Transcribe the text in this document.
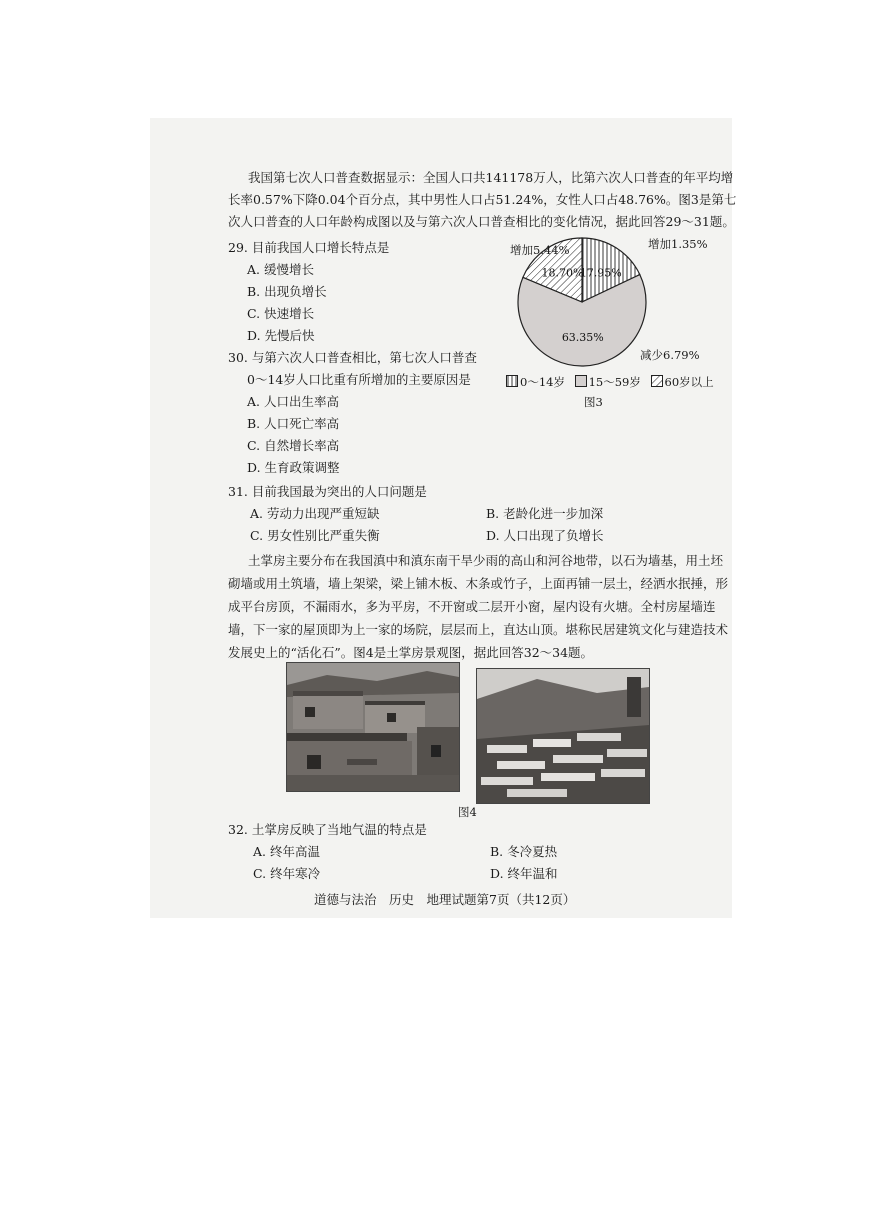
我国第七次人口普查数据显示：全国人口共141178万人，比第六次人口普查的年平均增
长率0.57%下降0.04个百分点，其中男性人口占51.24%，女性人口占48.76%。图3是第七
次人口普查的人口年龄构成图以及与第六次人口普查相比的变化情况，据此回答29～31题。
29. 目前我国人口增长特点是
A. 缓慢增长
B. 出现负增长
C. 快速增长
D. 先慢后快
30. 与第六次人口普查相比，第七次人口普查
0～14岁人口比重有所增加的主要原因是
A. 人口出生率高
B. 人口死亡率高
C. 自然增长率高
D. 生育政策调整
17.95%
63.35%
18.70%
增加5.44%	增加1.35%
减少6.79%
0～14岁 15～59岁 60岁以上
图3
31. 目前我国最为突出的人口问题是
A. 劳动力出现严重短缺	B. 老龄化进一步加深
C. 男女性别比严重失衡	D. 人口出现了负增长
土掌房主要分布在我国滇中和滇东南干旱少雨的高山和河谷地带，以石为墙基，用土坯
砌墙或用土筑墙，墙上架梁，梁上铺木板、木条或竹子，上面再铺一层土，经洒水抿捶，形
成平台房顶，不漏雨水，多为平房，不开窗或二层开小窗，屋内设有火塘。全村房屋墙连
墙，下一家的屋顶即为上一家的场院，层层而上，直达山顶。堪称民居建筑文化与建造技术
发展史上的“活化石”。图4是土掌房景观图，据此回答32～34题。
图4
32. 土掌房反映了当地气温的特点是
A. 终年高温	B. 冬冷夏热
C. 终年寒冷	D. 终年温和
道德与法治　历史　地理试题第7页（共12页）
